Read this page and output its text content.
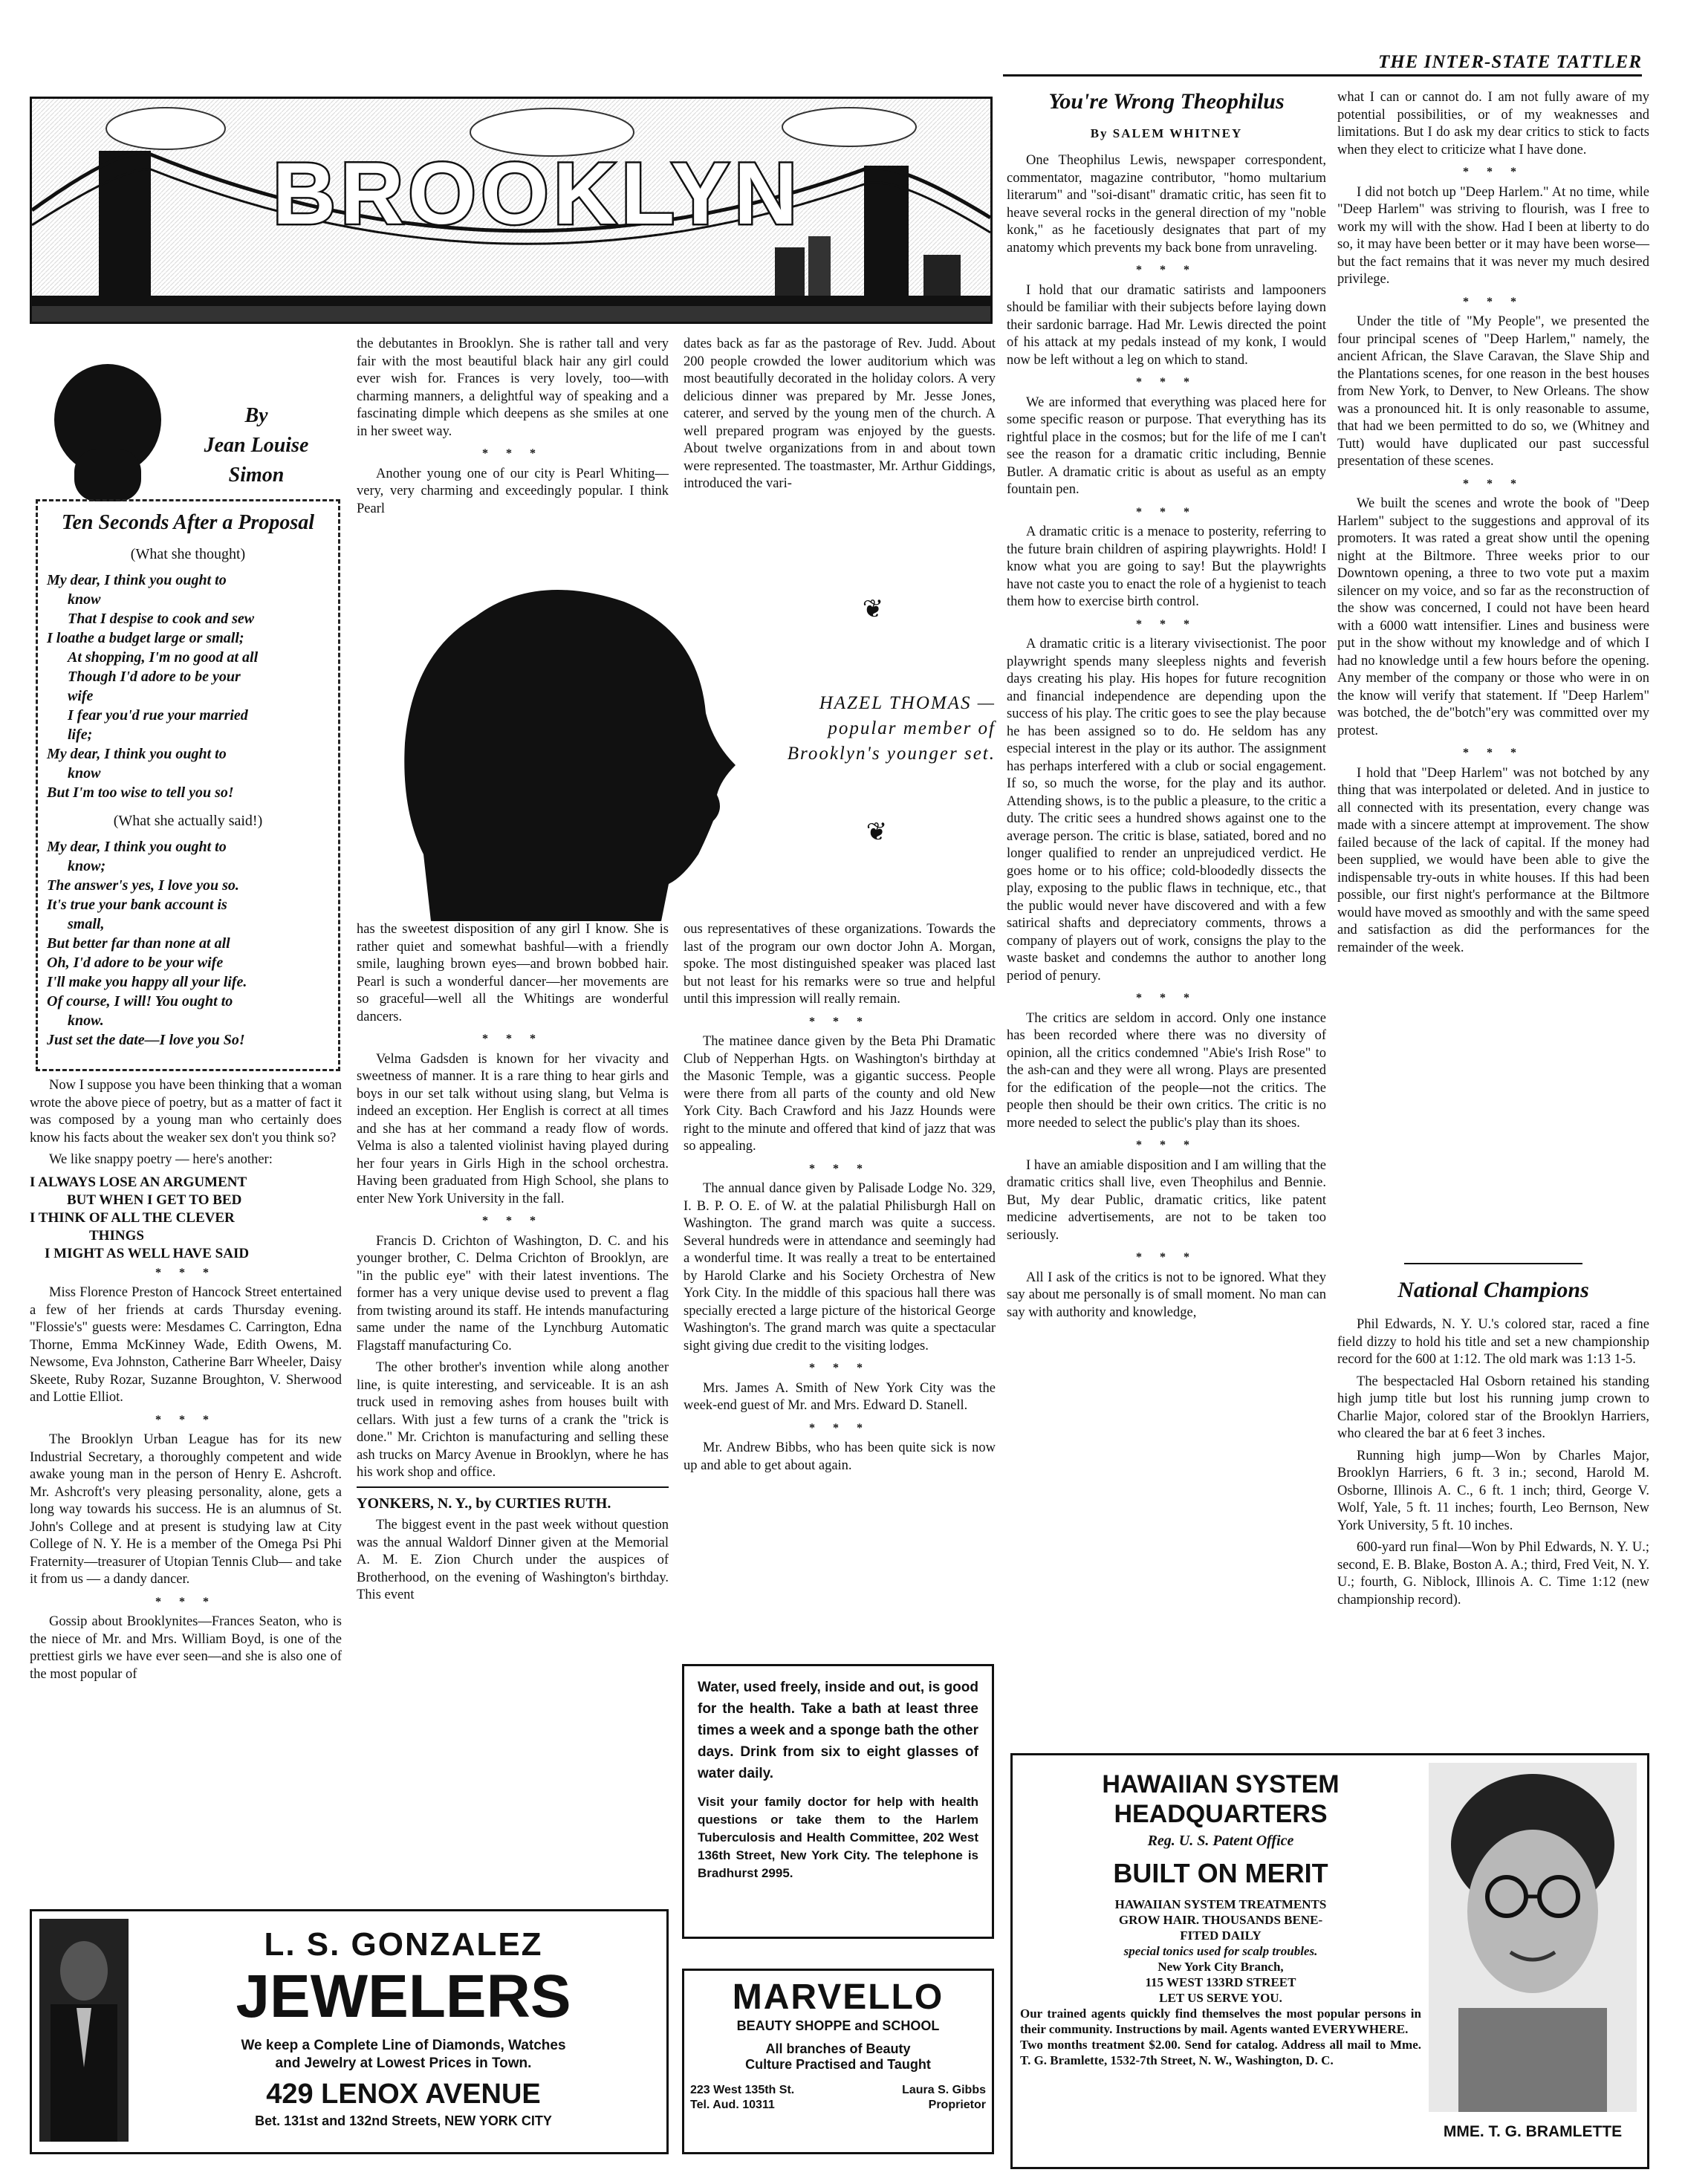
THE INTER-STATE TATTLER
BROOKLYN
By
Jean Louise
Simon
Ten Seconds After a Proposal
(What she thought)

My dear, I think you ought to

know

That I despise to cook and sew

I loathe a budget large or small;

At shopping, I'm no good at all

Though I'd adore to be your

wife

I fear you'd rue your married

life;

My dear, I think you ought to

know

But I'm too wise to tell you so!

(What she actually said!)

My dear, I think you ought to

know;

The answer's yes, I love you so.

It's true your bank account is

small,

But better far than none at all

Oh, I'd adore to be your wife

I'll make you happy all your life.

Of course, I will! You ought to

know.

Just set the date—I love you So!

Now I suppose you have been thinking that a woman wrote the above piece of poetry, but as a matter of fact it was composed by a young man who certainly does know his facts about the weaker sex don't you think so?

We like snappy poetry — here's another:

I ALWAYS LOSE AN ARGUMENT
BUT WHEN I GET TO BED
I THINK OF ALL THE CLEVER
THINGS
I MIGHT AS WELL HAVE SAID
* * *

Miss Florence Preston of Hancock Street entertained a few of her friends at cards Thursday evening. "Flossie's" guests were: Mesdames C. Carrington, Edna Thorne, Emma McKinney Wade, Edith Owens, M. Newsome, Eva Johnston, Catherine Barr Wheeler, Daisy Skeete, Ruby Rozar, Suzanne Broughton, V. Sherwood and Lottie Elliot.

* * *

The Brooklyn Urban League has for its new Industrial Secretary, a thoroughly competent and wide awake young man in the person of Henry E. Ashcroft. Mr. Ashcroft's very pleasing personality, alone, gets a long way towards his success. He is an alumnus of St. John's College and at present is studying law at City College of N. Y. He is a member of the Omega Psi Phi Fraternity—treasurer of Utopian Tennis Club— and take it from us — a dandy dancer.

* * *

Gossip about Brooklynites—Frances Seaton, who is the niece of Mr. and Mrs. William Boyd, is one of the prettiest girls we have ever seen—and she is also one of the most popular of

the debutantes in Brooklyn. She is rather tall and very fair with the most beautiful black hair any girl could ever wish for. Frances is very lovely, too—with charming manners, a delightful way of speaking and a fascinating dimple which deepens as she smiles at one in her sweet way.

* * *

Another young one of our city is Pearl Whiting—very, very charming and exceedingly popular. I think Pearl

dates back as far as the pastorage of Rev. Judd. About 200 people crowded the lower auditorium which was most beautifully decorated in the holiday colors. A very delicious dinner was prepared by Mr. Jesse Jones, caterer, and served by the young men of the church. A well prepared program was enjoyed by the guests. About twelve organizations from in and about town were represented. The toastmaster, Mr. Arthur Giddings, introduced the vari-

❦
HAZEL THOMAS —
popular member of
Brooklyn's younger set.
❦

has the sweetest disposition of any girl I know. She is rather quiet and somewhat bashful—with a friendly smile, laughing brown eyes—and brown bobbed hair. Pearl is such a wonderful dancer—her movements are so graceful—well all the Whitings are wonderful dancers.

* * *

Velma Gadsden is known for her vivacity and sweetness of manner. It is a rare thing to hear girls and boys in our set talk without using slang, but Velma is indeed an exception. Her English is correct at all times and she has at her command a ready flow of words. Velma is also a talented violinist having played during her four years in Girls High in the school orchestra. Having been graduated from High School, she plans to enter New York University in the fall.

* * *

Francis D. Crichton of Washington, D. C. and his younger brother, C. Delma Crichton of Brooklyn, are "in the public eye" with their latest inventions. The former has a very unique devise used to prevent a flag from twisting around its staff. He intends manufacturing same under the name of the Lynchburg Automatic Flagstaff manufacturing Co.

The other brother's invention while along another line, is quite interesting, and serviceable. It is an ash truck used in removing ashes from houses built with cellars. With just a few turns of a crank the "trick is done." Mr. Crichton is manufacturing and selling these ash trucks on Marcy Avenue in Brooklyn, where he has his work shop and office.

YONKERS, N. Y., by CURTIES RUTH.

The biggest event in the past week without question was the annual Waldorf Dinner given at the Memorial A. M. E. Zion Church under the auspices of Brotherhood, on the evening of Washington's birthday. This event

ous representatives of these organizations. Towards the last of the program our own doctor John A. Morgan, spoke. The most distinguished speaker was placed last but not least for his remarks were so true and helpful until this impression will really remain.

* * *

The matinee dance given by the Beta Phi Dramatic Club of Nepperhan Hgts. on Washington's birthday at the Masonic Temple, was a gigantic success. People were there from all parts of the county and old New York City. Bach Crawford and his Jazz Hounds were right to the minute and offered that kind of jazz that was so appealing.

* * *

The annual dance given by Palisade Lodge No. 329, I. B. P. O. E. of W. at the palatial Philisburgh Hall on Washington. The grand march was quite a success. Several hundreds were in attendance and seemingly had a wonderful time. It was really a treat to be entertained by Harold Clarke and his Society Orchestra of New York City. In the middle of this spacious hall there was specially erected a large picture of the historical George Washington's. The grand march was quite a spectacular sight giving due credit to the visiting lodges.

* * *

Mrs. James A. Smith of New York City was the week-end guest of Mr. and Mrs. Edward D. Stanell.

* * *

Mr. Andrew Bibbs, who has been quite sick is now up and able to get about again.

Water, used freely, inside and out, is good for the health. Take a bath at least three times a week and a sponge bath the other days. Drink from six to eight glasses of water daily.
Visit your family doctor for help with health questions or take them to the Harlem Tuberculosis and Health Committee, 202 West 136th Street, New York City. The telephone is Bradhurst 2995.
L. S. GONZALEZ
JEWELERS
We keep a Complete Line of Diamonds, Watches
and Jewelry at Lowest Prices in Town.
429 LENOX AVENUE
Bet. 131st and 132nd Streets, NEW YORK CITY
MARVELLO
BEAUTY SHOPPE and SCHOOL
All branches of Beauty
Culture Practised and Taught
223 West 135th St.
Tel. Aud. 10311
Laura S. Gibbs
Proprietor
You're Wrong Theophilus
By SALEM WHITNEY

One Theophilus Lewis, newspaper correspondent, commentator, magazine contributor, "homo multarium literarum" and "soi-disant" dramatic critic, has seen fit to heave several rocks in the general direction of my "noble konk," as he facetiously designates that part of my anatomy which prevents my back bone from unraveling.

* * *

I hold that our dramatic satirists and lampooners should be familiar with their subjects before laying down their sardonic barrage. Had Mr. Lewis directed the point of his attack at my pedals instead of my konk, I would now be left without a leg on which to stand.

* * *

We are informed that everything was placed here for some specific reason or purpose. That everything has its rightful place in the cosmos; but for the life of me I can't see the reason for a dramatic critic including, Bennie Butler. A dramatic critic is about as useful as an empty fountain pen.

* * *

A dramatic critic is a menace to posterity, referring to the future brain children of aspiring playwrights. Hold! I know what you are going to say! But the playwrights have not caste you to enact the role of a hygienist to teach them how to exercise birth control.

* * *

A dramatic critic is a literary vivisectionist. The poor playwright spends many sleepless nights and feverish days creating his play. His hopes for future recognition and financial independence are depending upon the success of his play. The critic goes to see the play because he has been assigned so to do. He seldom has any especial interest in the play or its author. The assignment has perhaps interfered with a club or social engagement. If so, so much the worse, for the play and its author. Attending shows, is to the public a pleasure, to the critic a duty. The critic sees a hundred shows against one to the average person. The critic is blase, satiated, bored and no longer qualified to render an unprejudiced verdict. He goes home or to his office; cold-bloodedly dissects the play, exposing to the public flaws in technique, etc., that the public would never have discovered and with a few satirical shafts and depreciatory comments, throws a company of players out of work, consigns the play to the waste basket and condemns the author to another long period of penury.

* * *

The critics are seldom in accord. Only one instance has been recorded where there was no diversity of opinion, all the critics condemned "Abie's Irish Rose" to the ash-can and they were all wrong. Plays are presented for the edification of the people—not the critics. The people then should be their own critics. The critic is no more needed to select the public's play than its shoes.

* * *

I have an amiable disposition and I am willing that the dramatic critics shall live, even Theophilus and Bennie. But, My dear Public, dramatic critics, like patent medicine advertisements, are not to be taken too seriously.

* * *

All I ask of the critics is not to be ignored. What they say about me personally is of small moment. No man can say with authority and knowledge,

what I can or cannot do. I am not fully aware of my potential possibilities, or of my weaknesses and limitations. But I do ask my dear critics to stick to facts when they elect to criticize what I have done.

* * *

I did not botch up "Deep Harlem." At no time, while "Deep Harlem" was striving to flourish, was I free to work my will with the show. Had I been at liberty to do so, it may have been better or it may have been worse—but the fact remains that it was never my much desired privilege.

* * *

Under the title of "My People", we presented the four principal scenes of "Deep Harlem," namely, the ancient African, the Slave Caravan, the Slave Ship and the Plantations scenes, for one reason in the best houses from New York, to Denver, to New Orleans. The show was a pronounced hit. It is only reasonable to assume, that had we been permitted to do so, we (Whitney and Tutt) would have duplicated our past successful presentation of these scenes.

* * *

We built the scenes and wrote the book of "Deep Harlem" subject to the suggestions and approval of its promoters. It was rated a great show until the opening night at the Biltmore. Three weeks prior to our Downtown opening, a three to two vote put a maxim silencer on my voice, and so far as the reconstruction of the show was concerned, I could not have been heard with a 6000 watt intensifier. Lines and business were put in the show without my knowledge and of which I had no knowledge until a few hours before the opening. Any member of the company or those who were in on the know will verify that statement. If "Deep Harlem" was botched, the de"botch"ery was committed over my protest.

* * *

I hold that "Deep Harlem" was not botched by any thing that was interpolated or deleted. And in justice to all connected with its presentation, every change was made with a sincere attempt at improvement. The show failed because of the lack of capital. If the money had been supplied, we would have been able to give the indispensable try-outs in white houses. If this had been possible, our first night's performance at the Biltmore would have moved as smoothly and with the same speed and satisfaction as did the performances for the remainder of the week.

National Champions

Phil Edwards, N. Y. U.'s colored star, raced a fine field dizzy to hold his title and set a new championship record for the 600 at 1:12. The old mark was 1:13 1-5.

The bespectacled Hal Osborn retained his standing high jump title but lost his running jump crown to Charlie Major, colored star of the Brooklyn Harriers, who cleared the bar at 6 feet 3 inches.

Running high jump—Won by Charles Major, Brooklyn Harriers, 6 ft. 3 in.; second, Harold M. Osborne, Illinois A. C., 6 ft. 1 inch; third, George V. Wolf, Yale, 5 ft. 11 inches; fourth, Leo Bernson, New York University, 5 ft. 10 inches.

600-yard run final—Won by Phil Edwards, N. Y. U.; second, E. B. Blake, Boston A. A.; third, Fred Veit, N. Y. U.; fourth, G. Niblock, Illinois A. C. Time 1:12 (new championship record).

HAWAIIAN SYSTEM
HEADQUARTERS
Reg. U. S. Patent Office
BUILT ON MERIT
HAWAIIAN SYSTEM TREATMENTS
GROW HAIR. THOUSANDS BENE-
FITED DAILY
special tonics used for scalp troubles.
New York City Branch,
115 WEST 133RD STREET
LET US SERVE YOU.
Our trained agents quickly find themselves the most popular persons in their community. Instructions by mail. Agents wanted EVERYWHERE.
Two months treatment $2.00. Send for catalog. Address all mail to Mme. T. G. Bramlette, 1532-7th Street, N. W., Washington, D. C.
MME. T. G. BRAMLETTE
